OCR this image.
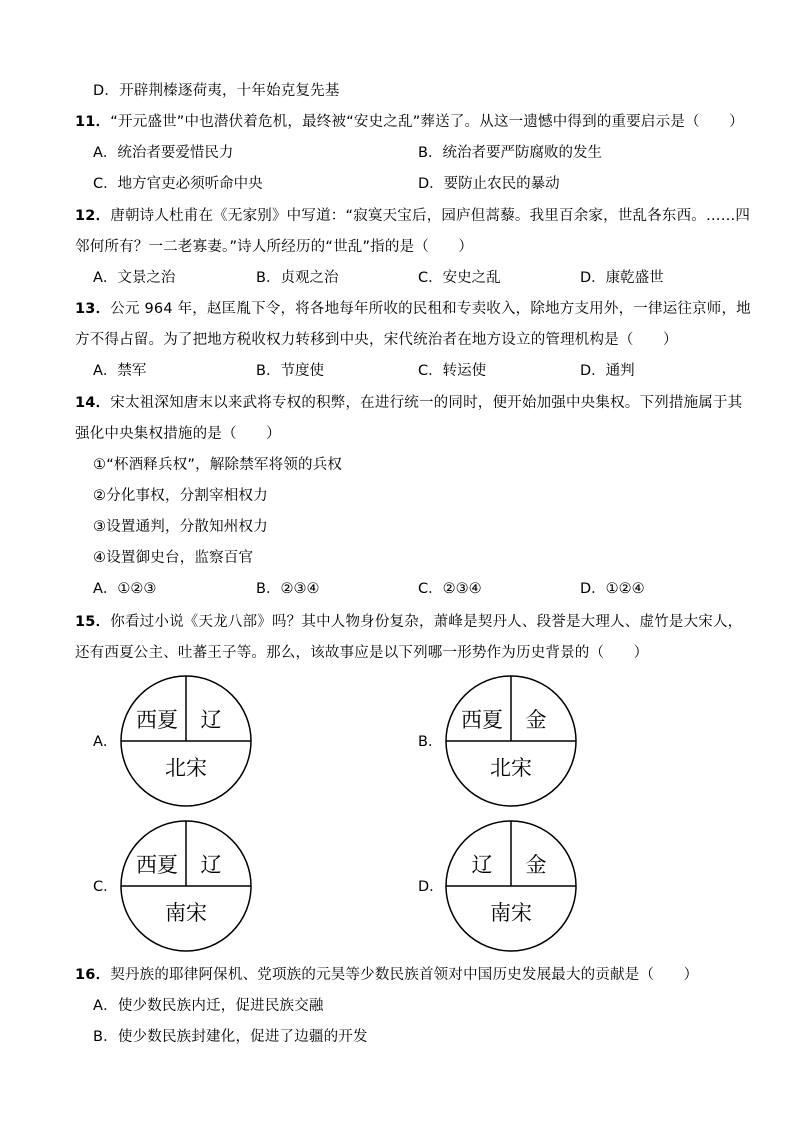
D．开辟荆榛逐荷夷，十年始克复先基
11．“开元盛世”中也潜伏着危机，最终被“安史之乱”葬送了。从这一遗憾中得到的重要启示是（　　）
A．统治者要爱惜民力	B．统治者要严防腐败的发生
C．地方官吏必须听命中央	D．要防止农民的暴动
12．唐朝诗人杜甫在《无家别》中写道：“寂寞天宝后，园庐但蒿藜。我里百余家，世乱各东西。……四
邻何所有？一二老寡妻。”诗人所经历的“世乱”指的是（　　）
A．文景之治	B．贞观之治	C．安史之乱	D．康乾盛世
13．公元 964 年，赵匡胤下令，将各地每年所收的民租和专卖收入，除地方支用外，一律运往京师，地
方不得占留。为了把地方税收权力转移到中央，宋代统治者在地方设立的管理机构是（　　）
A．禁军	B．节度使	C．转运使	D．通判
14．宋太祖深知唐末以来武将专权的积弊，在进行统一的同时，便开始加强中央集权。下列措施属于其
强化中央集权措施的是（　　）
①“杯酒释兵权”，解除禁军将领的兵权
②分化事权，分割宰相权力
③设置通判，分散知州权力
④设置御史台，监察百官
A．①②③	B．②③④	C．②③④	D．①②④
15．你看过小说《天龙八部》吗？其中人物身份复杂，萧峰是契丹人、段誉是大理人、虚竹是大宋人，
还有西夏公主、吐蕃王子等。那么，该故事应是以下列哪一形势作为历史背景的（　　）
A．
西夏 辽
北宋
B．
西夏 金
北宋
C．
西夏 辽
南宋
D．
辽 金
南宋
16．契丹族的耶律阿保机、党项族的元昊等少数民族首领对中国历史发展最大的贡献是（　　）
A．使少数民族内迁，促进民族交融
B．使少数民族封建化，促进了边疆的开发
